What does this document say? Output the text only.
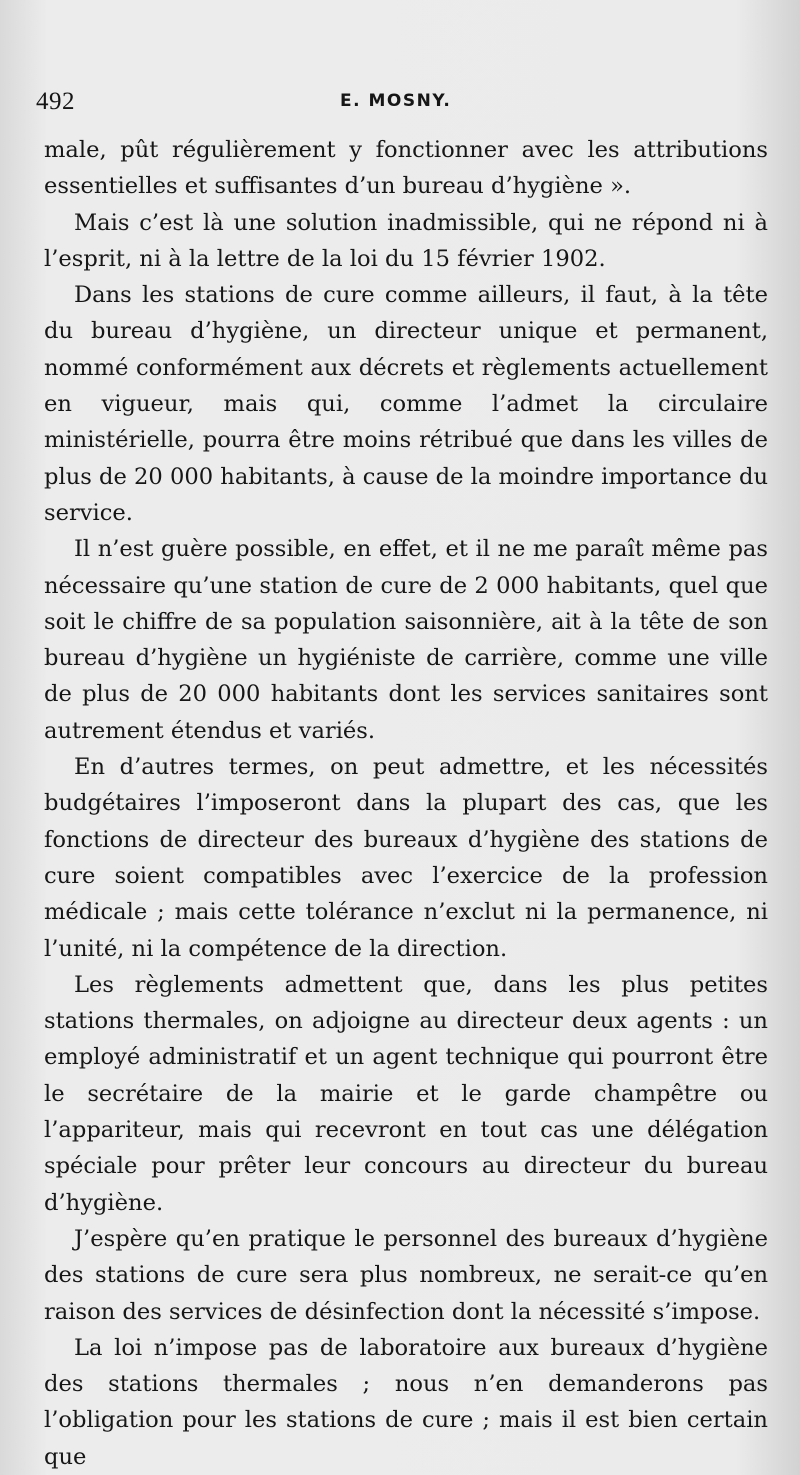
492	E. MOSNY.

male, pût régulièrement y fonctionner avec les attributions essentielles et suffisantes d’un bureau d’hygiène ».

Mais c’est là une solution inadmissible, qui ne répond ni à l’esprit, ni à la lettre de la loi du 15 février 1902.

Dans les stations de cure comme ailleurs, il faut, à la tête du bureau d’hygiène, un directeur unique et permanent, nommé conformément aux décrets et règlements actuellement en vigueur, mais qui, comme l’admet la circulaire ministérielle, pourra être moins rétribué que dans les villes de plus de 20 000 habitants, à cause de la moindre importance du service.

Il n’est guère possible, en effet, et il ne me paraît même pas nécessaire qu’une station de cure de 2 000 habitants, quel que soit le chiffre de sa population saisonnière, ait à la tête de son bureau d’hygiène un hygiéniste de carrière, comme une ville de plus de 20 000 habitants dont les services sanitaires sont autrement étendus et variés.

En d’autres termes, on peut admettre, et les nécessités budgétaires l’imposeront dans la plupart des cas, que les fonctions de directeur des bureaux d’hygiène des stations de cure soient compatibles avec l’exercice de la profession médicale ; mais cette tolérance n’exclut ni la permanence, ni l’unité, ni la compétence de la direction.

Les règlements admettent que, dans les plus petites stations thermales, on adjoigne au directeur deux agents : un employé administratif et un agent technique qui pourront être le secrétaire de la mairie et le garde champêtre ou l’appariteur, mais qui recevront en tout cas une délégation spéciale pour prêter leur concours au directeur du bureau d’hygiène.

J’espère qu’en pratique le personnel des bureaux d’hygiène des stations de cure sera plus nombreux, ne serait-ce qu’en raison des services de désinfection dont la nécessité s’impose.

La loi n’impose pas de laboratoire aux bureaux d’hygiène des stations thermales ; nous n’en demanderons pas l’obligation pour les stations de cure ; mais il est bien certain que
